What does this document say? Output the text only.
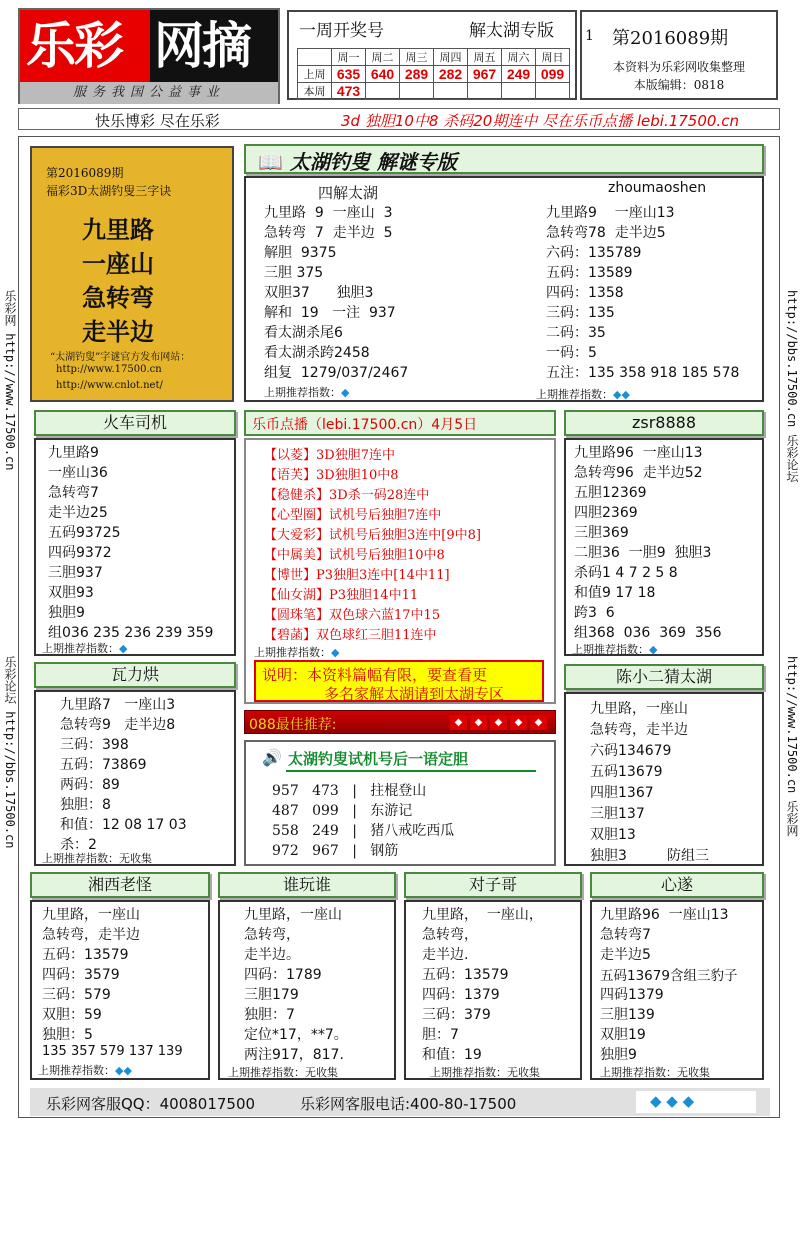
乐彩 网摘
服务我国公益事业
一周开奖号	解太湖专版 1
	周一	周二	周三	周四	周五	周六	周日
上周	635	640	289	282	967	249	099
本周	473						
第2016089期
本资料为乐彩网收集整理
本版编辑：0818
快乐博彩 尽在乐彩	3d 独胆10中8 杀码20期连中 尽在乐币点播 lebi.17500.cn
乐彩网 http://www.17500.cn
乐彩论坛 http://bbs.17500.cn
http://bbs.17500.cn 乐彩论坛
http://www.17500.cn 乐彩网
第2016089期
福彩3D太湖钓叟三字诀
九里路
一座山
急转弯
走半边
“太湖钓叟”字谜官方发布网站：
http://www.17500.cn
http://www.cnlot.net/
📖 太湖钓叟 解谜专版
四解太湖
九里路  9  一座山  3
急转弯  7  走半边  5
解胆  9375
三胆 375
双胆37      独胆3
解和  19   一注  937
看太湖杀尾6
看太湖杀跨2458
组复  1279/037/2467
上期推荐指数：◆
zhoumaoshen
九里路9    一座山13
急转弯78  走半边5
六码：135789
五码：13589
四码：1358
三码：135
二码：35
一码：5
五注：135 358 918 185 578
上期推荐指数：◆◆
火车司机
九里路9
一座山36
急转弯7
走半边25
五码93725
四码9372
三胆937
双胆93
独胆9
组036 235 236 239 359
上期推荐指数：◆
乐币点播（lebi.17500.cn）4月5日
【以菱】3D独胆7连中
【语芙】3D独胆10中8
【稳健杀】3D杀一码28连中
【心型圈】试机号后独胆7连中
【大爱彩】试机号后独胆3连中[9中8]
【中属美】试机号后独胆10中8
【博世】P3独胆3连中[14中11]
【仙女湖】P3独胆14中11
【圆珠笔】双色球六蓝17中15
【碧菡】双色球红三胆11连中
上期推荐指数：◆
说明：本资料篇幅有限，要查看更
多名家解太湖请到太湖专区
zsr8888
九里路96  一座山13
急转弯96  走半边52
五胆12369
四胆2369
三胆369
二胆36  一胆9  独胆3
杀码1 4 7 2 5 8
和值9 17 18
跨3  6
组368  036  369  356
上期推荐指数：◆
瓦力烘
九里路7   一座山3
急转弯9   走半边8
三码：398
五码：73869
两码：89
独胆：8
和值：12 08 17 03
杀：2
上期推荐指数：无收集
088最佳推荐:	◆ ◆ ◆ ◆ ◆
🔊 太湖钓叟试机号后一语定胆
957 473 | 拄棍登山
487 099 | 东游记
558 249 | 猪八戒吃西瓜
972 967 | 钢筋
陈小二猜太湖
九里路，一座山
急转弯，走半边
六码134679
五码13679
四胆1367
三胆137
双胆13
独胆3         防组三
湘西老怪
九里路，一座山
急转弯，走半边
五码：13579
四码：3579
三码：579
双胆：59
独胆：5
135 357 579 137 139
上期推荐指数：◆◆
谁玩谁
九里路，一座山
急转弯，
走半边。
四码：1789
三胆179
独胆：7
定位*17，**7。
两注917，817.
上期推荐指数：无收集
对子哥
九里路，  一座山，
急转弯，
走半边.
五码：13579
四码：1379
三码：379
胆：7
和值：19
上期推荐指数：无收集
心遂
九里路96  一座山13
急转弯7
走半边5
五码13679含组三豹子
四码1379
三胆139
双胆19
独胆9
上期推荐指数：无收集
乐彩网客服QQ：4008017500	乐彩网客服电话:400-80-17500	◆ ◆ ◆
